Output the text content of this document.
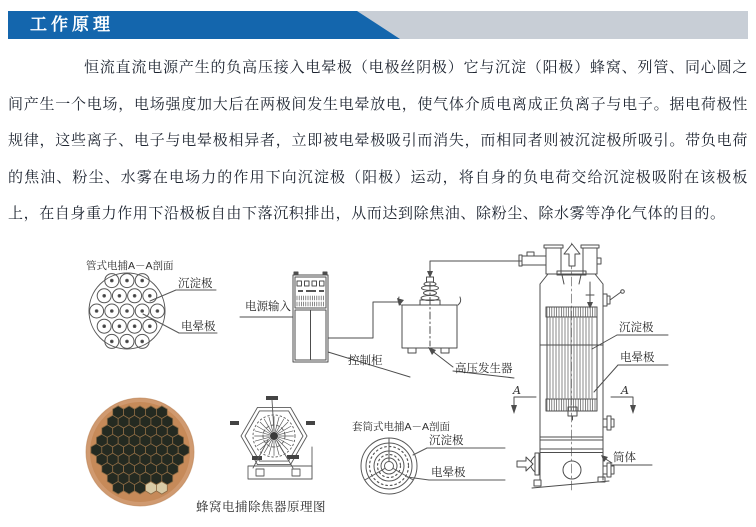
工作原理
恒流直流电源产生的负高压接入电晕极（电极丝阴极）它与沉淀（阳极）蜂窝、列管、同心圆之间产生一个电场，电场强度加大后在两极间发生电晕放电，使气体介质电离成正负离子与电子。据电荷极性规律，这些离子、电子与电晕极相异者，立即被电晕极吸引而消失，而相同者则被沉淀极所吸引。带负电荷的焦油、粉尘、水雾在电场力的作用下向沉淀极（阳极）运动，将自身的负电荷交给沉淀极吸附在该极板上，在自身重力作用下沿极板自由下落沉积排出，从而达到除焦油、除粉尘、除水雾等净化气体的目的。
管式电捕A－A剖面
沉淀极
电晕极
电源输入
控制柜
高压发生器
A	A
沉淀极
电晕极
筒体
蜂窝电捕除焦器原理图
套筒式电捕A－A剖面
沉淀极
电晕极
